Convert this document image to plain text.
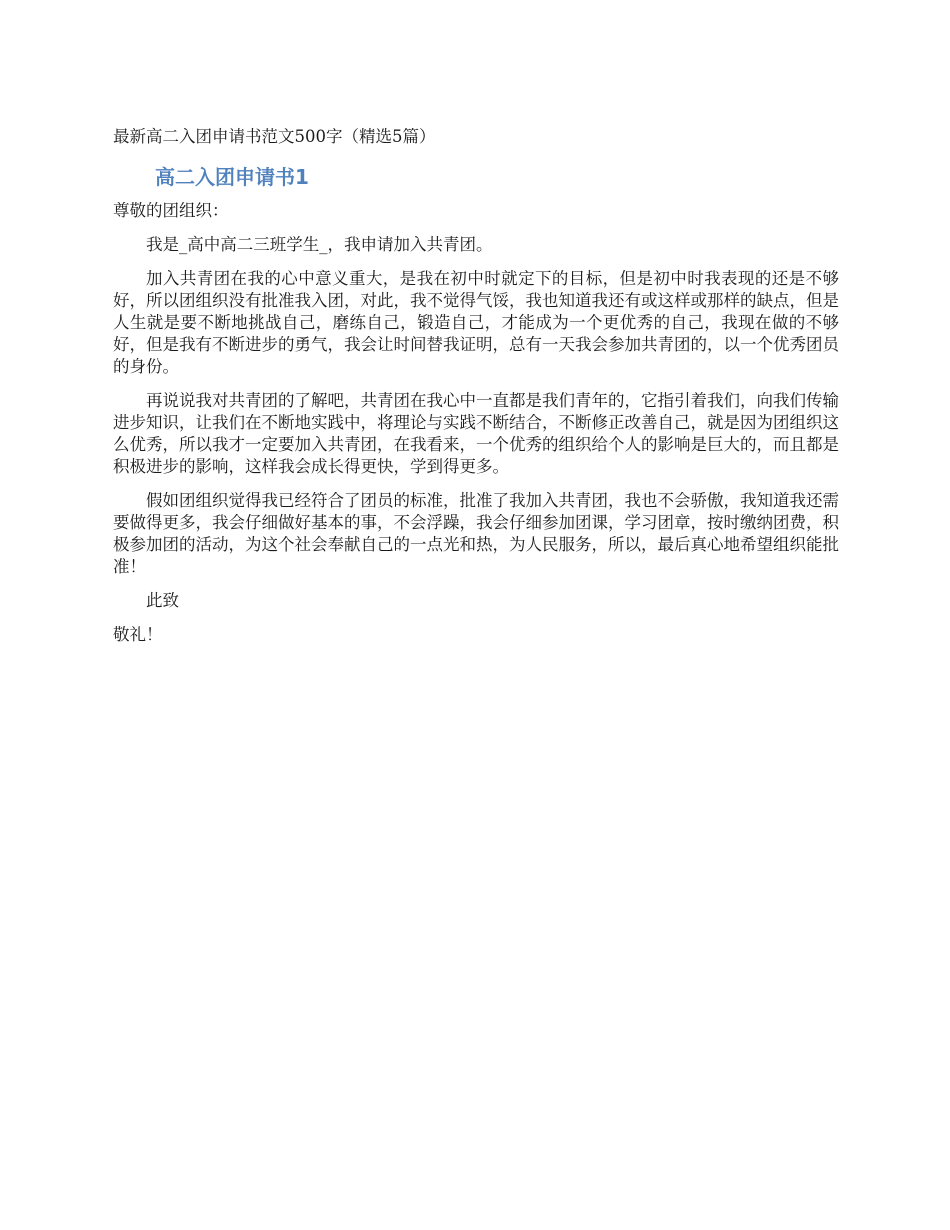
最新高二入团申请书范文500字（精选5篇）

高二入团申请书1

尊敬的团组织：

我是_高中高二三班学生_，我申请加入共青团。

加入共青团在我的心中意义重大，是我在初中时就定下的目标，但是初中时我表现的还是不够好，所以团组织没有批准我入团，对此，我不觉得气馁，我也知道我还有或这样或那样的缺点，但是人生就是要不断地挑战自己，磨练自己，锻造自己，才能成为一个更优秀的自己，我现在做的不够好，但是我有不断进步的勇气，我会让时间替我证明，总有一天我会参加共青团的，以一个优秀团员的身份。

再说说我对共青团的了解吧，共青团在我心中一直都是我们青年的，它指引着我们，向我们传输进步知识，让我们在不断地实践中，将理论与实践不断结合，不断修正改善自己，就是因为团组织这么优秀，所以我才一定要加入共青团，在我看来，一个优秀的组织给个人的影响是巨大的，而且都是积极进步的影响，这样我会成长得更快，学到得更多。

假如团组织觉得我已经符合了团员的标准，批准了我加入共青团，我也不会骄傲，我知道我还需要做得更多，我会仔细做好基本的事，不会浮躁，我会仔细参加团课，学习团章，按时缴纳团费，积极参加团的活动，为这个社会奉献自己的一点光和热，为人民服务，所以，最后真心地希望组织能批准！

此致

敬礼！
